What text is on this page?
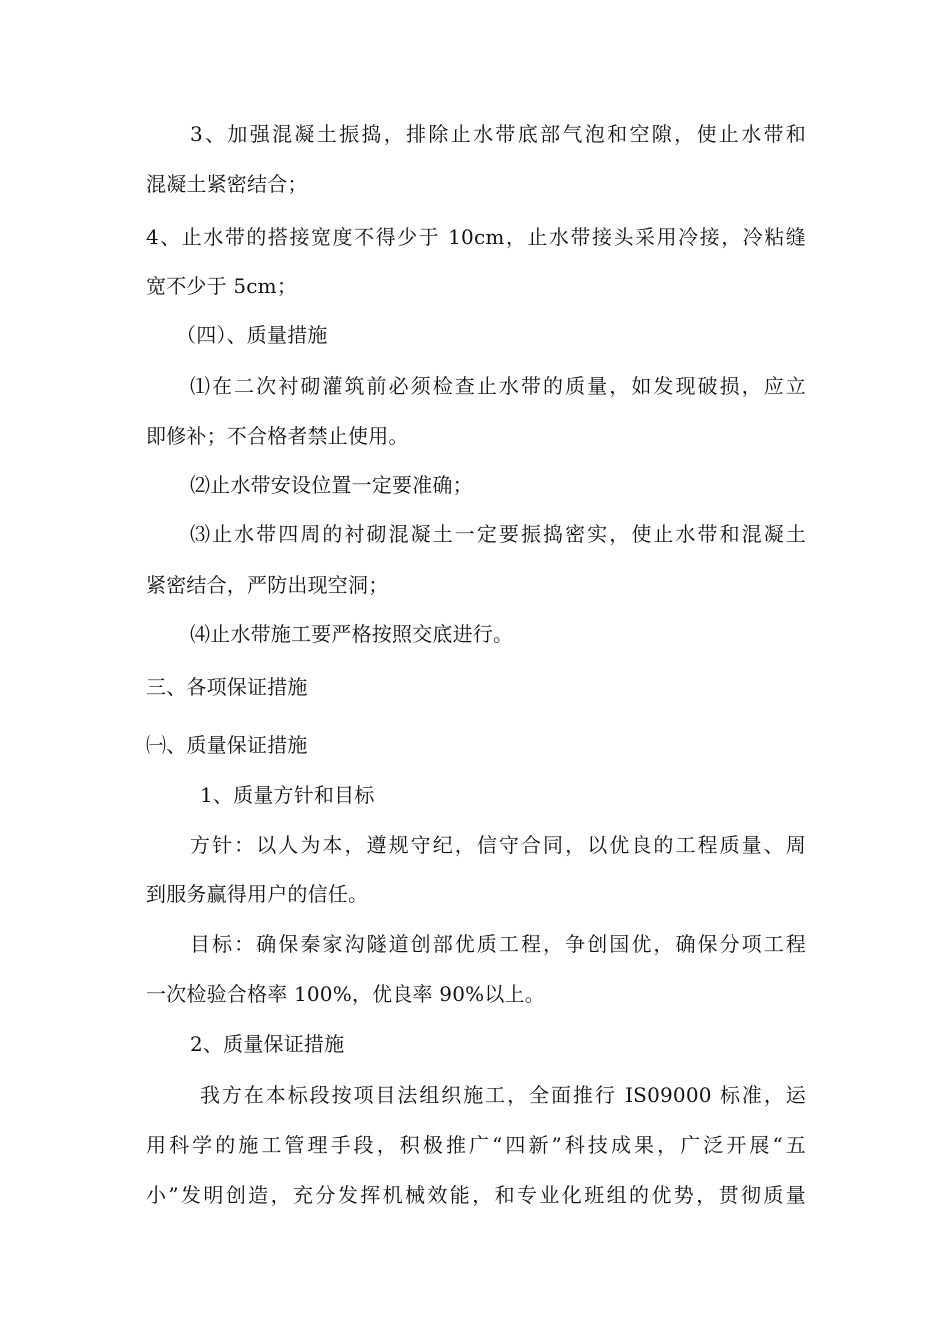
3、加强混凝土振捣，排除止水带底部气泡和空隙，使止水带和
混凝土紧密结合；
4、止水带的搭接宽度不得少于 10cm，止水带接头采用冷接，冷粘缝
宽不少于 5cm；
（四）、质量措施
⑴在二次衬砌灌筑前必须检查止水带的质量，如发现破损，应立
即修补；不合格者禁止使用。
⑵止水带安设位置一定要准确；
⑶止水带四周的衬砌混凝土一定要振捣密实，使止水带和混凝土
紧密结合，严防出现空洞；
⑷止水带施工要严格按照交底进行。
三、各项保证措施
㈠、质量保证措施
1、质量方针和目标
方针：以人为本，遵规守纪，信守合同，以优良的工程质量、周
到服务赢得用户的信任。
目标：确保秦家沟隧道创部优质工程，争创国优，确保分项工程
一次检验合格率 100%，优良率 90%以上。
2、质量保证措施
我方在本标段按项目法组织施工，全面推行 IS09000 标准，运
用科学的施工管理手段，积极推广“四新”科技成果，广泛开展“五
小”发明创造，充分发挥机械效能，和专业化班组的优势，贯彻质量
